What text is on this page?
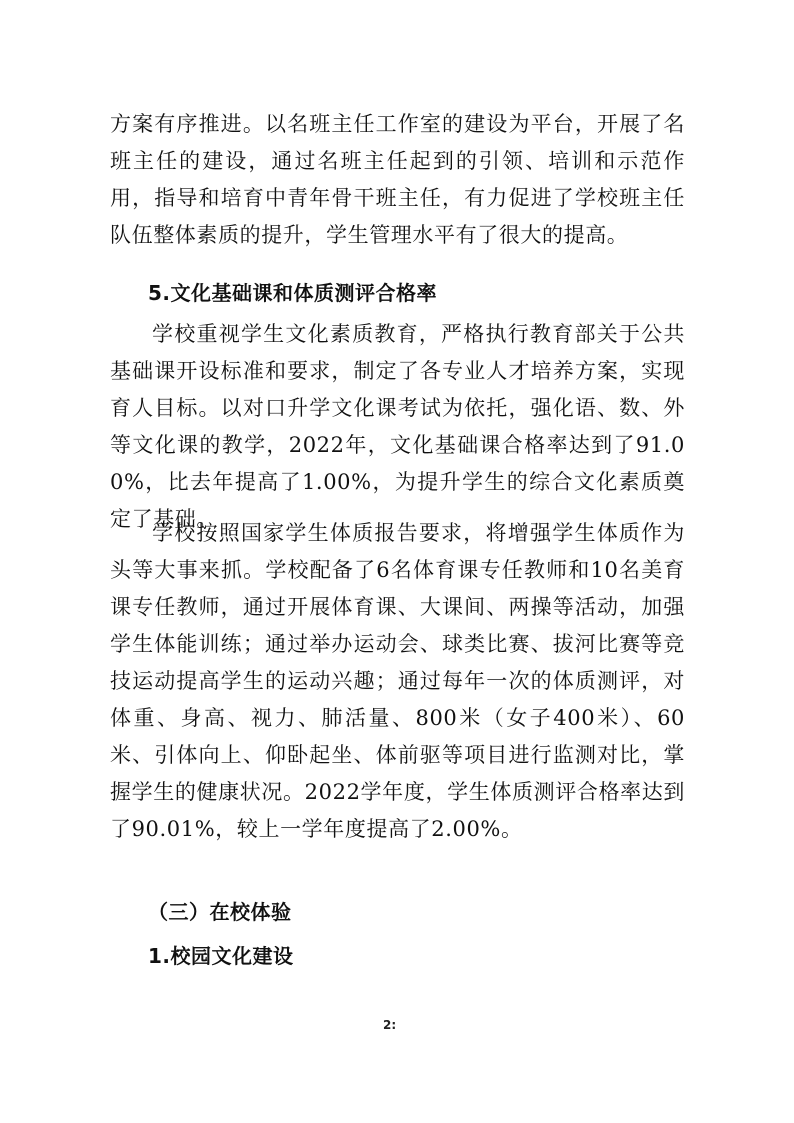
方案有序推进。以名班主任工作室的建设为平台，开展了名班主任的建设，通过名班主任起到的引领、培训和示范作用，指导和培育中青年骨干班主任，有力促进了学校班主任队伍整体素质的提升，学生管理水平有了很大的提高。

5.文化基础课和体质测评合格率

学校重视学生文化素质教育，严格执行教育部关于公共基础课开设标准和要求，制定了各专业人才培养方案，实现育人目标。以对口升学文化课考试为依托，强化语、数、外等文化课的教学，2022年，文化基础课合格率达到了91.00%，比去年提高了1.00%，为提升学生的综合文化素质奠定了基础。

学校按照国家学生体质报告要求，将增强学生体质作为头等大事来抓。学校配备了6名体育课专任教师和10名美育课专任教师，通过开展体育课、大课间、两操等活动，加强学生体能训练；通过举办运动会、球类比赛、拔河比赛等竞技运动提高学生的运动兴趣；通过每年一次的体质测评，对体重、身高、视力、肺活量、800米（女子400米）、60米、引体向上、仰卧起坐、体前驱等项目进行监测对比，掌握学生的健康状况。2022学年度，学生体质测评合格率达到了90.01%，较上一学年度提高了2.00%。

（三）在校体验
1.校园文化建设
2:
